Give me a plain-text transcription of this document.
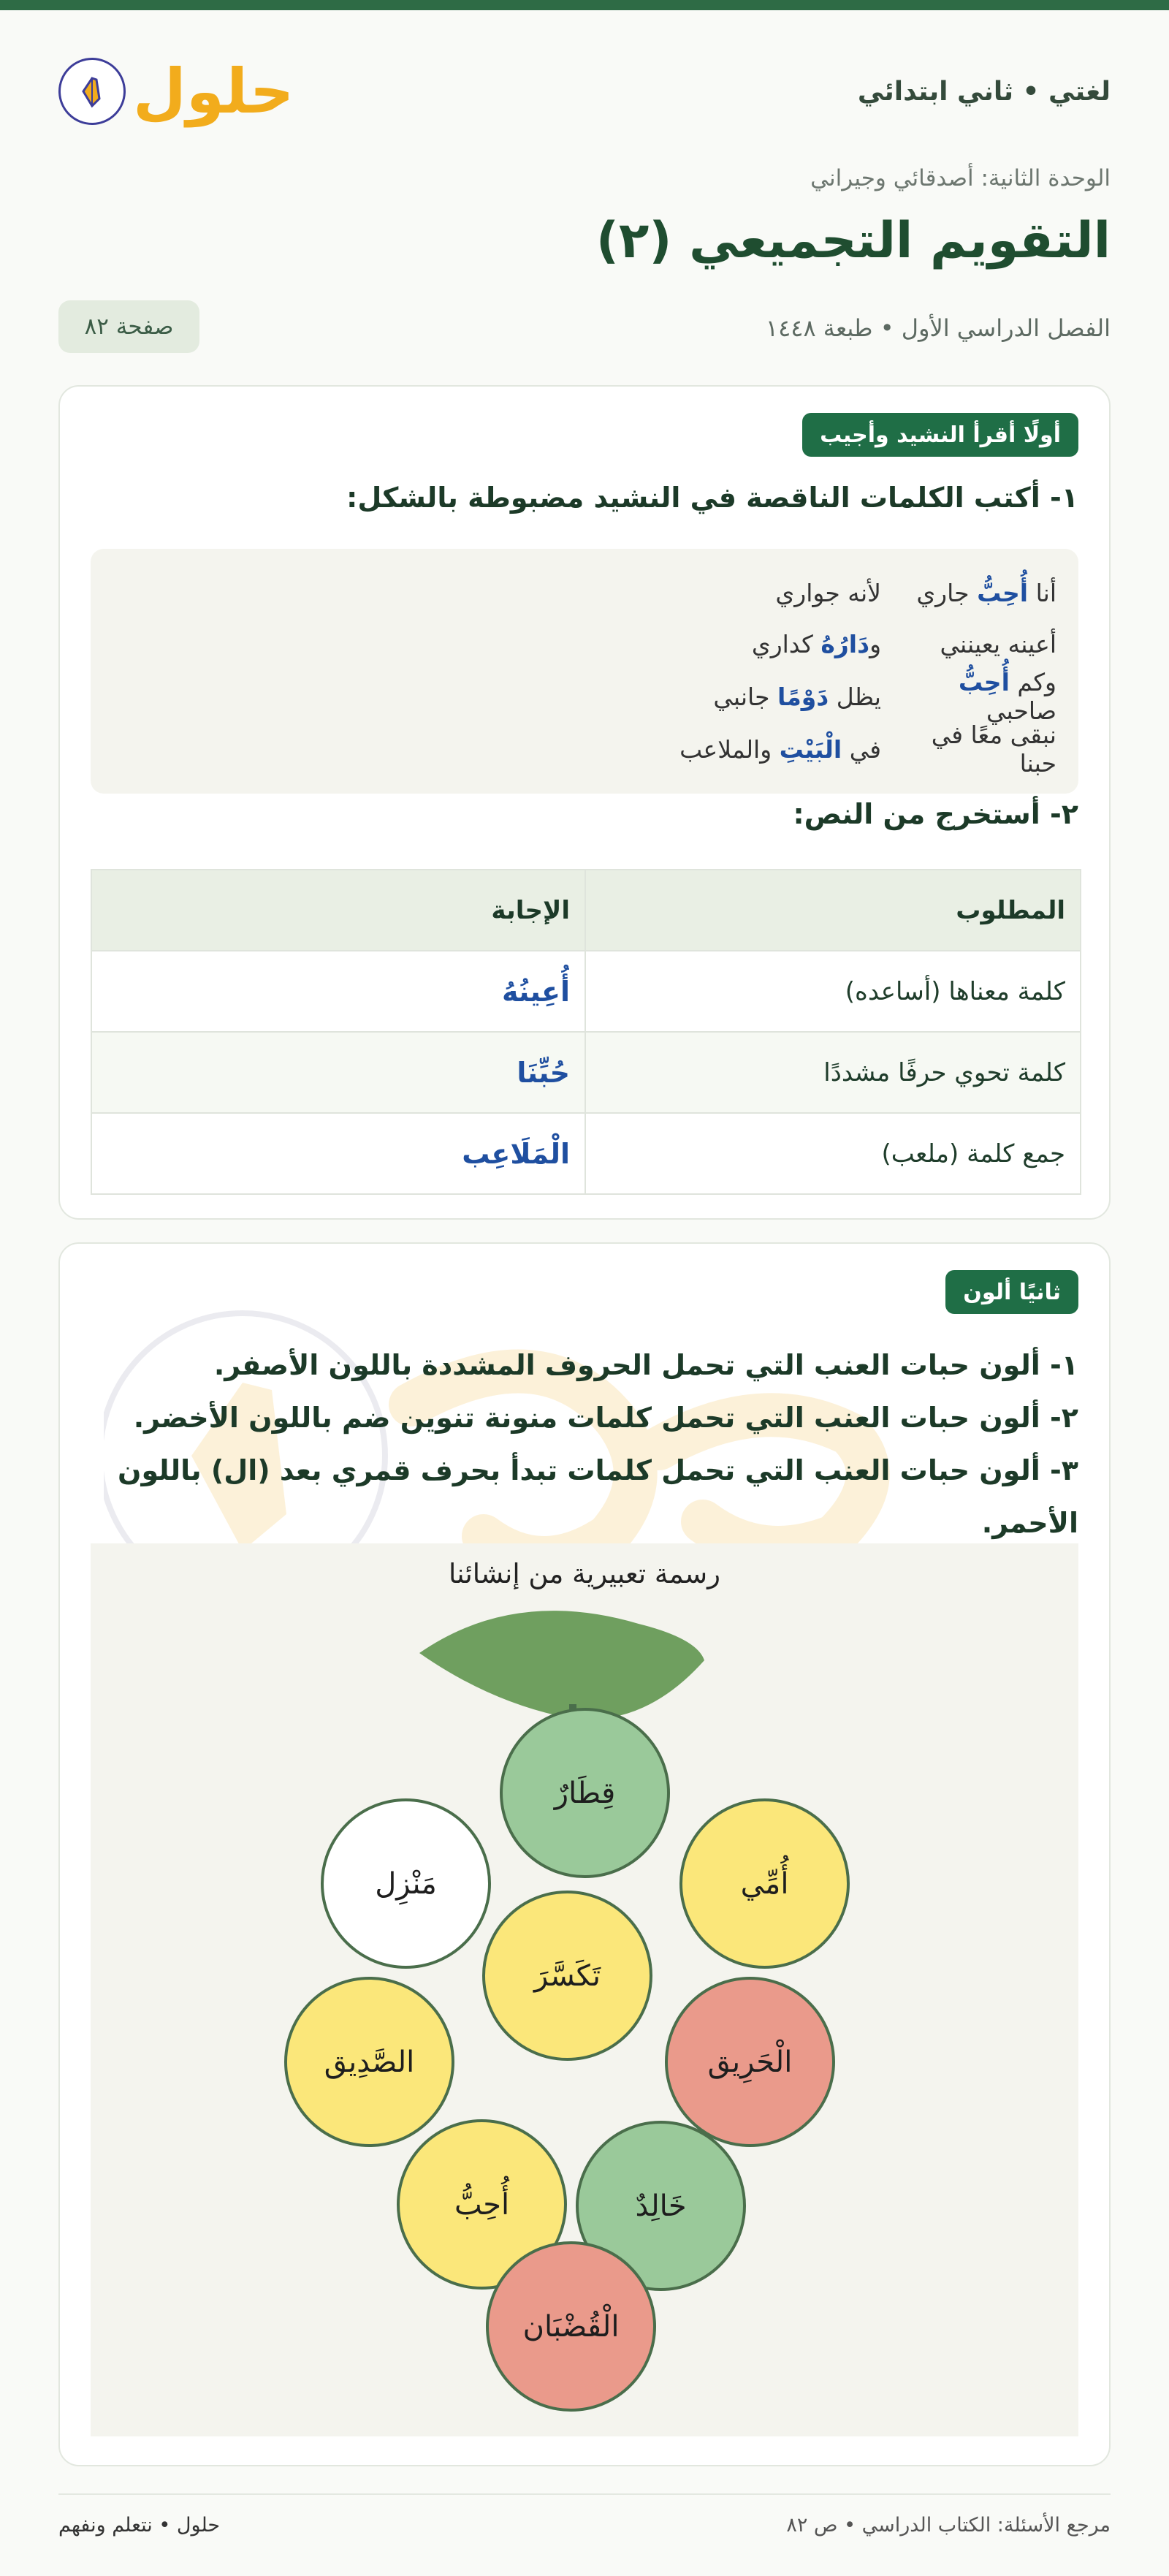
لغتي • ثاني ابتدائي
حلول
الوحدة الثانية: أصدقائي وجيراني
التقويم التجميعي (٢)
الفصل الدراسي الأول • طبعة ١٤٤٨
صفحة ٨٢
أولًا أقرأ النشيد وأجيب
١- أكتب الكلمات الناقصة في النشيد مضبوطة بالشكل:
أنا أُحِبُّ جاري
لأنه جواري
أعينه يعينني
ودَارُهُ كداري
وكم أُحِبُّ صاحبي
يظل دَوْمًا جانبي
نبقى معًا في حبنا
في الْبَيْتِ والملاعب
٢- أستخرج من النص:
المطلوب	الإجابة
كلمة معناها (أساعده)	أُعِينُهُ
كلمة تحوي حرفًا مشددًا	حُبِّنَا
جمع كلمة (ملعب)	الْمَلَاعِب
ثانيًا ألون
١- ألون حبات العنب التي تحمل الحروف المشددة باللون الأصفر.
٢- ألون حبات العنب التي تحمل كلمات منونة تنوين ضم باللون الأخضر.
٣- ألون حبات العنب التي تحمل كلمات تبدأ بحرف قمري بعد (ال) باللون الأحمر.
رسمة تعبيرية من إنشائنا
قِطَارٌ
مَنْزِل	أُمِّي
تَكَسَّرَ
الصَّدِيق	الْحَرِيق
أُحِبُّ	خَالِدٌ
الْقُضْبَان
مرجع الأسئلة: الكتاب الدراسي • ص ٨٢
حلول • نتعلم ونفهم
